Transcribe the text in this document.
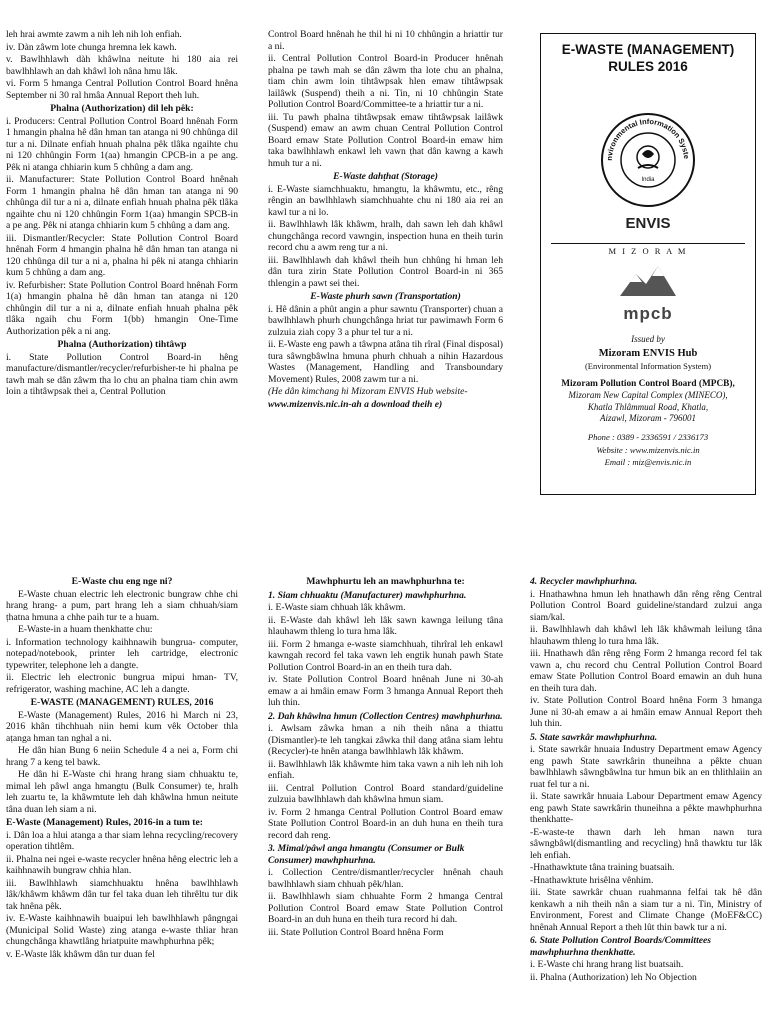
leh hrai awmte zawm a nih leh nih loh enfiah.
iv. Dàn zâwm lote chunga hremna lek kawh.
v. Bawlhhlawh dàh khâwlna neitute hi 180 aia rei bawlhhlawh an dah khâwl loh nâna hmu lâk.
vi. Form 5 hmanga Central Pollution Control Board hnêna September ni 30 ral hmâa Annual Report theh luh.
Phalna (Authorization) dil leh pêk:
i. Producers: Central Pollution Control Board hnênah Form 1 hmangin phalna hê dân hman tan atanga ni 90 chhûnga dil tur a ni. Dilnate enfiah hnuah phalna pêk tlâka ngaihte chu ni 120 chhûngin Form 1(aa) hmangin CPCB-in a pe ang. Pêk ni atanga chhiarin kum 5 chhûng a dam ang.
ii. Manufacturer: State Pollution Control Board hnênah Form 1 hmangin phalna hê dân hman tan atanga ni 90 chhûnga dil tur a ni a, dilnate enfiah hnuah phalna pêk tlâka ngaihte chu ni 120 chhûngin Form 1(aa) hmangin SPCB-in a pe ang. Pêk ni atanga chhiarin kum 5 chhûng a dam ang.
iii. Dismantler/Recycler: State Pollution Control Board hnênah Form 4 hmangin phalna hê dân hman tan atanga ni 120 chhûnga dil tur a ni a, phalna hi pêk ni atanga chhiarin kum 5 chhûng a dam ang.
iv. Refurbisher: State Pollution Control Board hnênah Form 1(a) hmangin phalna hê dân hman tan atanga ni 120 chhûngin dil tur a ni a, dilnate enfiah hnuah phalna pêk tlâka ngaih chu Form 1(bb) hmangin One-Time Authorization pêk a ni ang.
Phalna (Authorization) tihtâwp
i. State Pollution Control Board-in hêng manufacture/dismantler/recycler/refurbisher-te hi phalna pe tawh mah se dân zâwm tha lo chu an phalna tiam chin awm loin a tihtâwpsak thei a, Central Pollution
Control Board hnênah he thil hi ni 10 chhûngin a hriattir tur a ni.
ii. Central Pollution Control Board-in Producer hnênah phalna pe tawh mah se dân zâwm tha lote chu an phalna, tiam chin awm loin tihtâwpsak hlen emaw tihtâwpsak lailâwk (Suspend) theih a ni. Tin, ni 10 chhûngin State Pollution Control Board/Committee-te a hriattir tur a ni.
iii. Tu pawh phalna tihtâwpsak emaw tihtâwpsak lailâwk (Suspend) emaw an awm chuan Central Pollution Control Board emaw State Pollution Control Board-in emaw him taka bawlhhlawh enkawl leh vawn ṭhat dân kawng a kawh hmuh tur a ni.
E-Waste dahṭhat (Storage)
i. E-Waste siamchhuaktu, hmangtu, la khâwmtu, etc., rêng rêngin an bawlhhlawh siamchhuahte chu ni 180 aia rei an kawl tur a ni lo.
ii. Bawlhhlawh lâk khâwm, hralh, dah sawn leh dah khâwl chungchânga record vawngin, inspection huna en theih turin record chu a awm reng tur a ni.
iii. Bawlhhlawh dah khâwl theih hun chhûng hi hman leh dân tura zirin State Pollution Control Board-in ni 365 thlengin a pawt sei thei.
E-Waste phurh sawn (Transportation)
i. Hê dânin a phût angin a phur sawntu (Transporter) chuan a bawlhhlawh phurh chungchânga hriat tur pawimawh Form 6 zulzuia ziah copy 3 a phur tel tur a ni.
ii. E-Waste eng pawh a tâwpna atâna tih rîral (Final disposal) tura sâwngbâwlna hmuna phurh chhuah a nihin Hazardous Wastes (Management, Handling and Transboundary Movement) Rules, 2008 zawm tur a ni.
(He dân kimchang hi Mizoram ENVIS Hub website-
www.mizenvis.nic.in-ah a download theih e)
E-WASTE (MANAGEMENT)
RULES 2016
nvironmental Information Syste
India
ENVIS
M I Z O R A M
mpcb
Issued by
Mizoram ENVIS Hub
(Environmental Information System)
Mizoram Pollution Control Board (MPCB),
Mizoram New Capital Complex (MINECO),
Khatla Thlâmmual Road, Khatla,
Aizawl, Mizoram - 796001
Phone : 0389 - 2336591 / 2336173
Website : www.mizenvis.nic.in
Email : miz@envis.nic.in
E-Waste chu eng nge ni?
E-Waste chuan electric leh electronic bungraw chhe chi hrang hrang- a pum, part hrang leh a siam chhuah/siam ṭhatna hmuna a chhe paih tur te a huam.
E-Waste-in a huam thenkhatte chu:
i. Information technology kaihhnawih bungrua- computer, notepad/notebook, printer leh cartridge, electronic typewriter, telephone leh a dangte.
ii. Electric leh electronic bungrua mipui hman- TV, refrigerator, washing machine, AC leh a dangte.
E-WASTE (MANAGEMENT) RULES, 2016
E-Waste (Management) Rules, 2016 hi March ni 23, 2016 khân tihchhuah niin hemi kum vêk October thla aṭanga hman tan nghal a ni.
He dân hian Bung 6 neiin Schedule 4 a nei a, Form chi hrang 7 a keng tel bawk.
He dân hi E-Waste chi hrang hrang siam chhuaktu te, mimal leh pâwl anga hmangtu (Bulk Consumer) te, hralh leh zuartu te, la khâwmtute leh dah khâwlna hmun neitute tâna duan leh siam a ni.
E-Waste (Management) Rules, 2016-in a tum te:
i. Dân loa a hlui atanga a thar siam lehna recycling/recovery operation tihtlêm.
ii. Phalna nei ngei e-waste recycler hnêna hêng electric leh a kaihhnawih bungraw chhia hlan.
iii. Bawlhhlawh siamchhuaktu hnêna bawlhhlawh lâk/khâwm khâwm dân tur fel taka duan leh tihrêltu tur dik tak hnêna pêk.
iv. E-Waste kaihhnawih buaipui leh bawlhhlawh pângngai (Municipal Solid Waste) zing atanga e-waste thliar hran chungchânga khawtlâng hriatpuite mawhphurhna pêk;
v. E-Waste lâk khâwm dân tur duan fel
Mawhphurtu leh an mawhphurhna te:
1. Siam chhuaktu (Manufacturer) mawhphurhna.
i. E-Waste siam chhuah lâk khâwm.
ii. E-Waste dah khâwl leh lâk sawn kawnga leilung tâna hlauhawm thleng lo tura hma lâk.
iii. Form 2 hmanga e-waste siamchhuah, tihrîral leh enkawl kawngah record fel taka vawn leh engtik hunah pawh State Pollution Control Board-in an en theih tura dah.
iv. State Pollution Control Board hnênah June ni 30-ah emaw a ai hmâin emaw Form 3 hmanga Annual Report theh luh thin.
2. Dah khâwlna hmun (Collection Centres) mawhphurhna.
i. Awlsam zâwka hman a nih theih nâna a thiattu (Dismantler)-te leh tangkai zâwka thil dang atâna siam lehtu (Recycler)-te hnên atanga bawlhhlawh lâk khâwm.
ii. Bawlhhlawh lâk khâwmte him taka vawn a nih leh nih loh enfiah.
iii. Central Pollution Control Board standard/guideline zulzuia bawlhhlawh dah khâwlna hmun siam.
iv. Form 2 hmanga Central Pollution Control Board emaw State Pollution Control Board-in an duh huna en theih tura record dah reng.
3. Mimal/pâwl anga hmangtu (Consumer or Bulk Consumer) mawhphurhna.
i. Collection Centre/dismantler/recycler hnênah chauh bawlhhlawh siam chhuah pêk/hlan.
ii. Bawlhhlawh siam chhuahte Form 2 hmanga Central Pollution Control Board emaw State Pollution Control Board-in an duh huna en theih tura record hi dah.
iii. State Pollution Control Board hnêna Form
4. Recycler mawhphurhna.
i. Hnathawhna hmun leh hnathawh dân rêng rêng Central Pollution Control Board guideline/standard zulzui anga siam/kal.
ii. Bawlhhlawh dah khâwl leh lâk khâwmah leilung tâna hlauhawm thleng lo tura hma lâk.
iii. Hnathawh dân rêng rêng Form 2 hmanga record fel tak vawn a, chu record chu Central Pollution Control Board emaw State Pollution Control Board emawin an duh huna en theih tura dah.
iv. State Pollution Control Board hnêna Form 3 hmanga June ni 30-ah emaw a ai hmâin emaw Annual Report theh luh thin.
5. State sawrkâr mawhphurhna.
i. State sawrkâr hnuaia Industry Department emaw Agency eng pawh State sawrkârin thuneihna a pêkte chuan bawlhhlawh sâwngbâwlna tur hmun bik an en thlithlaiin an ruat fel tur a ni.
ii. State sawrkâr hnuaia Labour Department emaw Agency eng pawh State sawrkârin thuneihna a pêkte mawhphurhna thenkhatte-
-E-waste-te thawn darh leh hman nawn tura sâwngbâwl(dismantling and recycling) hnâ thawktu tur lâk leh enfiah.
-Hnathawktute tâna training buatsaih.
-Hnathawktute hrisêlna vênhim.
iii. State sawrkâr chuan ruahmanna felfai tak hê dân kenkawh a nih theih nân a siam tur a ni. Tin, Ministry of Environment, Forest and Climate Change (MoEF&CC) hnênah Annual Report a theh lût thin bawk tur a ni.
6. State Pollution Control Boards/Committees mawhphurhna thenkhatte.
i. E-Waste chi hrang hrang list buatsaih.
ii. Phalna (Authorization) leh No Objection
